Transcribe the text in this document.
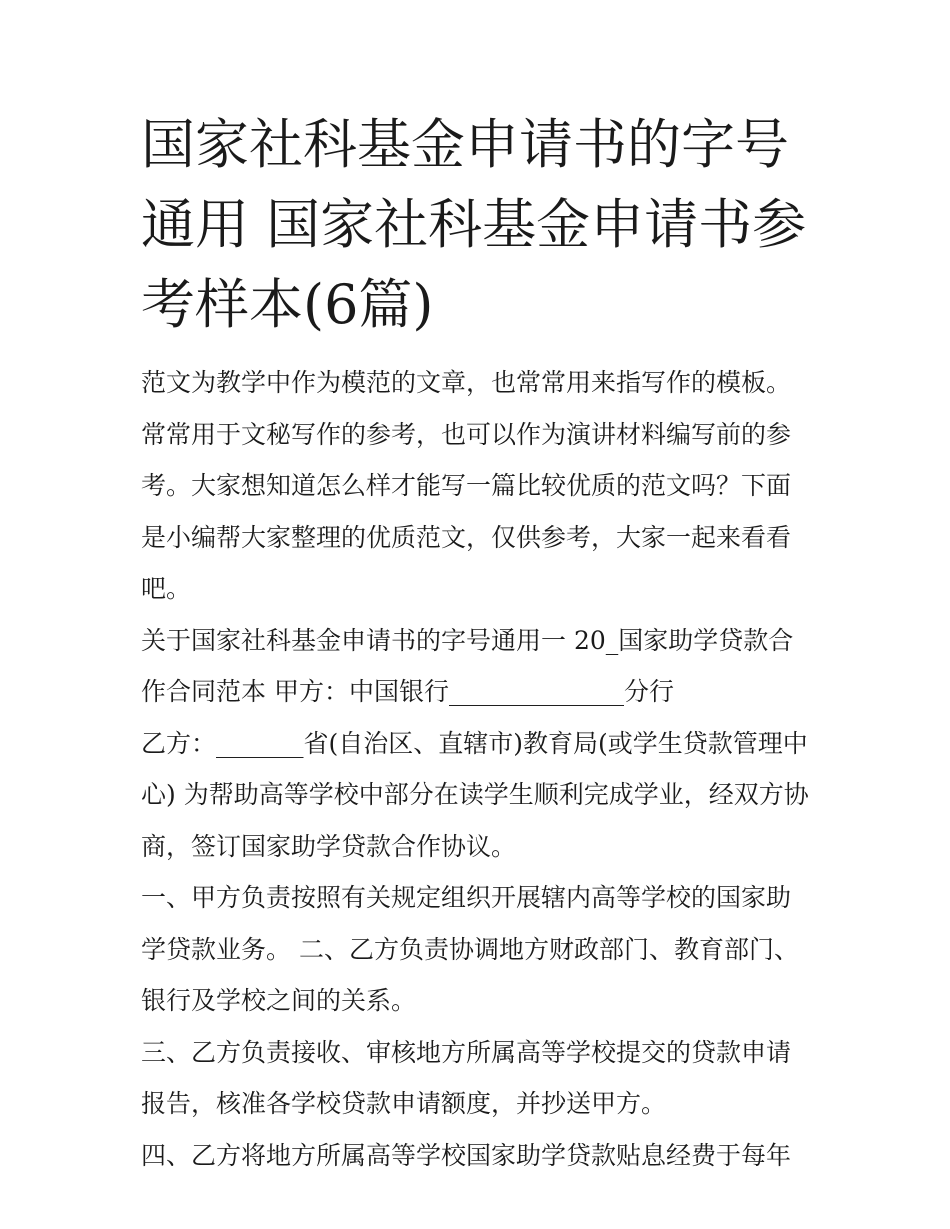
国家社科基金申请书的字号通用 国家社科基金申请书参考样本(6篇)

范文为教学中作为模范的文章，也常常用来指写作的模板。常常用于文秘写作的参考，也可以作为演讲材料编写前的参考。大家想知道怎么样才能写一篇比较优质的范文吗？下面是小编帮大家整理的优质范文，仅供参考，大家一起来看看吧。

关于国家社科基金申请书的字号通用一 20_国家助学贷款合作合同范本 甲方：中国银行______________分行

乙方：_______省(自治区、直辖市)教育局(或学生贷款管理中心) 为帮助高等学校中部分在读学生顺利完成学业，经双方协商，签订国家助学贷款合作协议。

一、甲方负责按照有关规定组织开展辖内高等学校的国家助学贷款业务。 二、乙方负责协调地方财政部门、教育部门、银行及学校之间的关系。

三、乙方负责接收、审核地方所属高等学校提交的贷款申请报告，核准各学校贷款申请额度，并抄送甲方。

四、乙方将地方所属高等学校国家助学贷款贴息经费于每年
